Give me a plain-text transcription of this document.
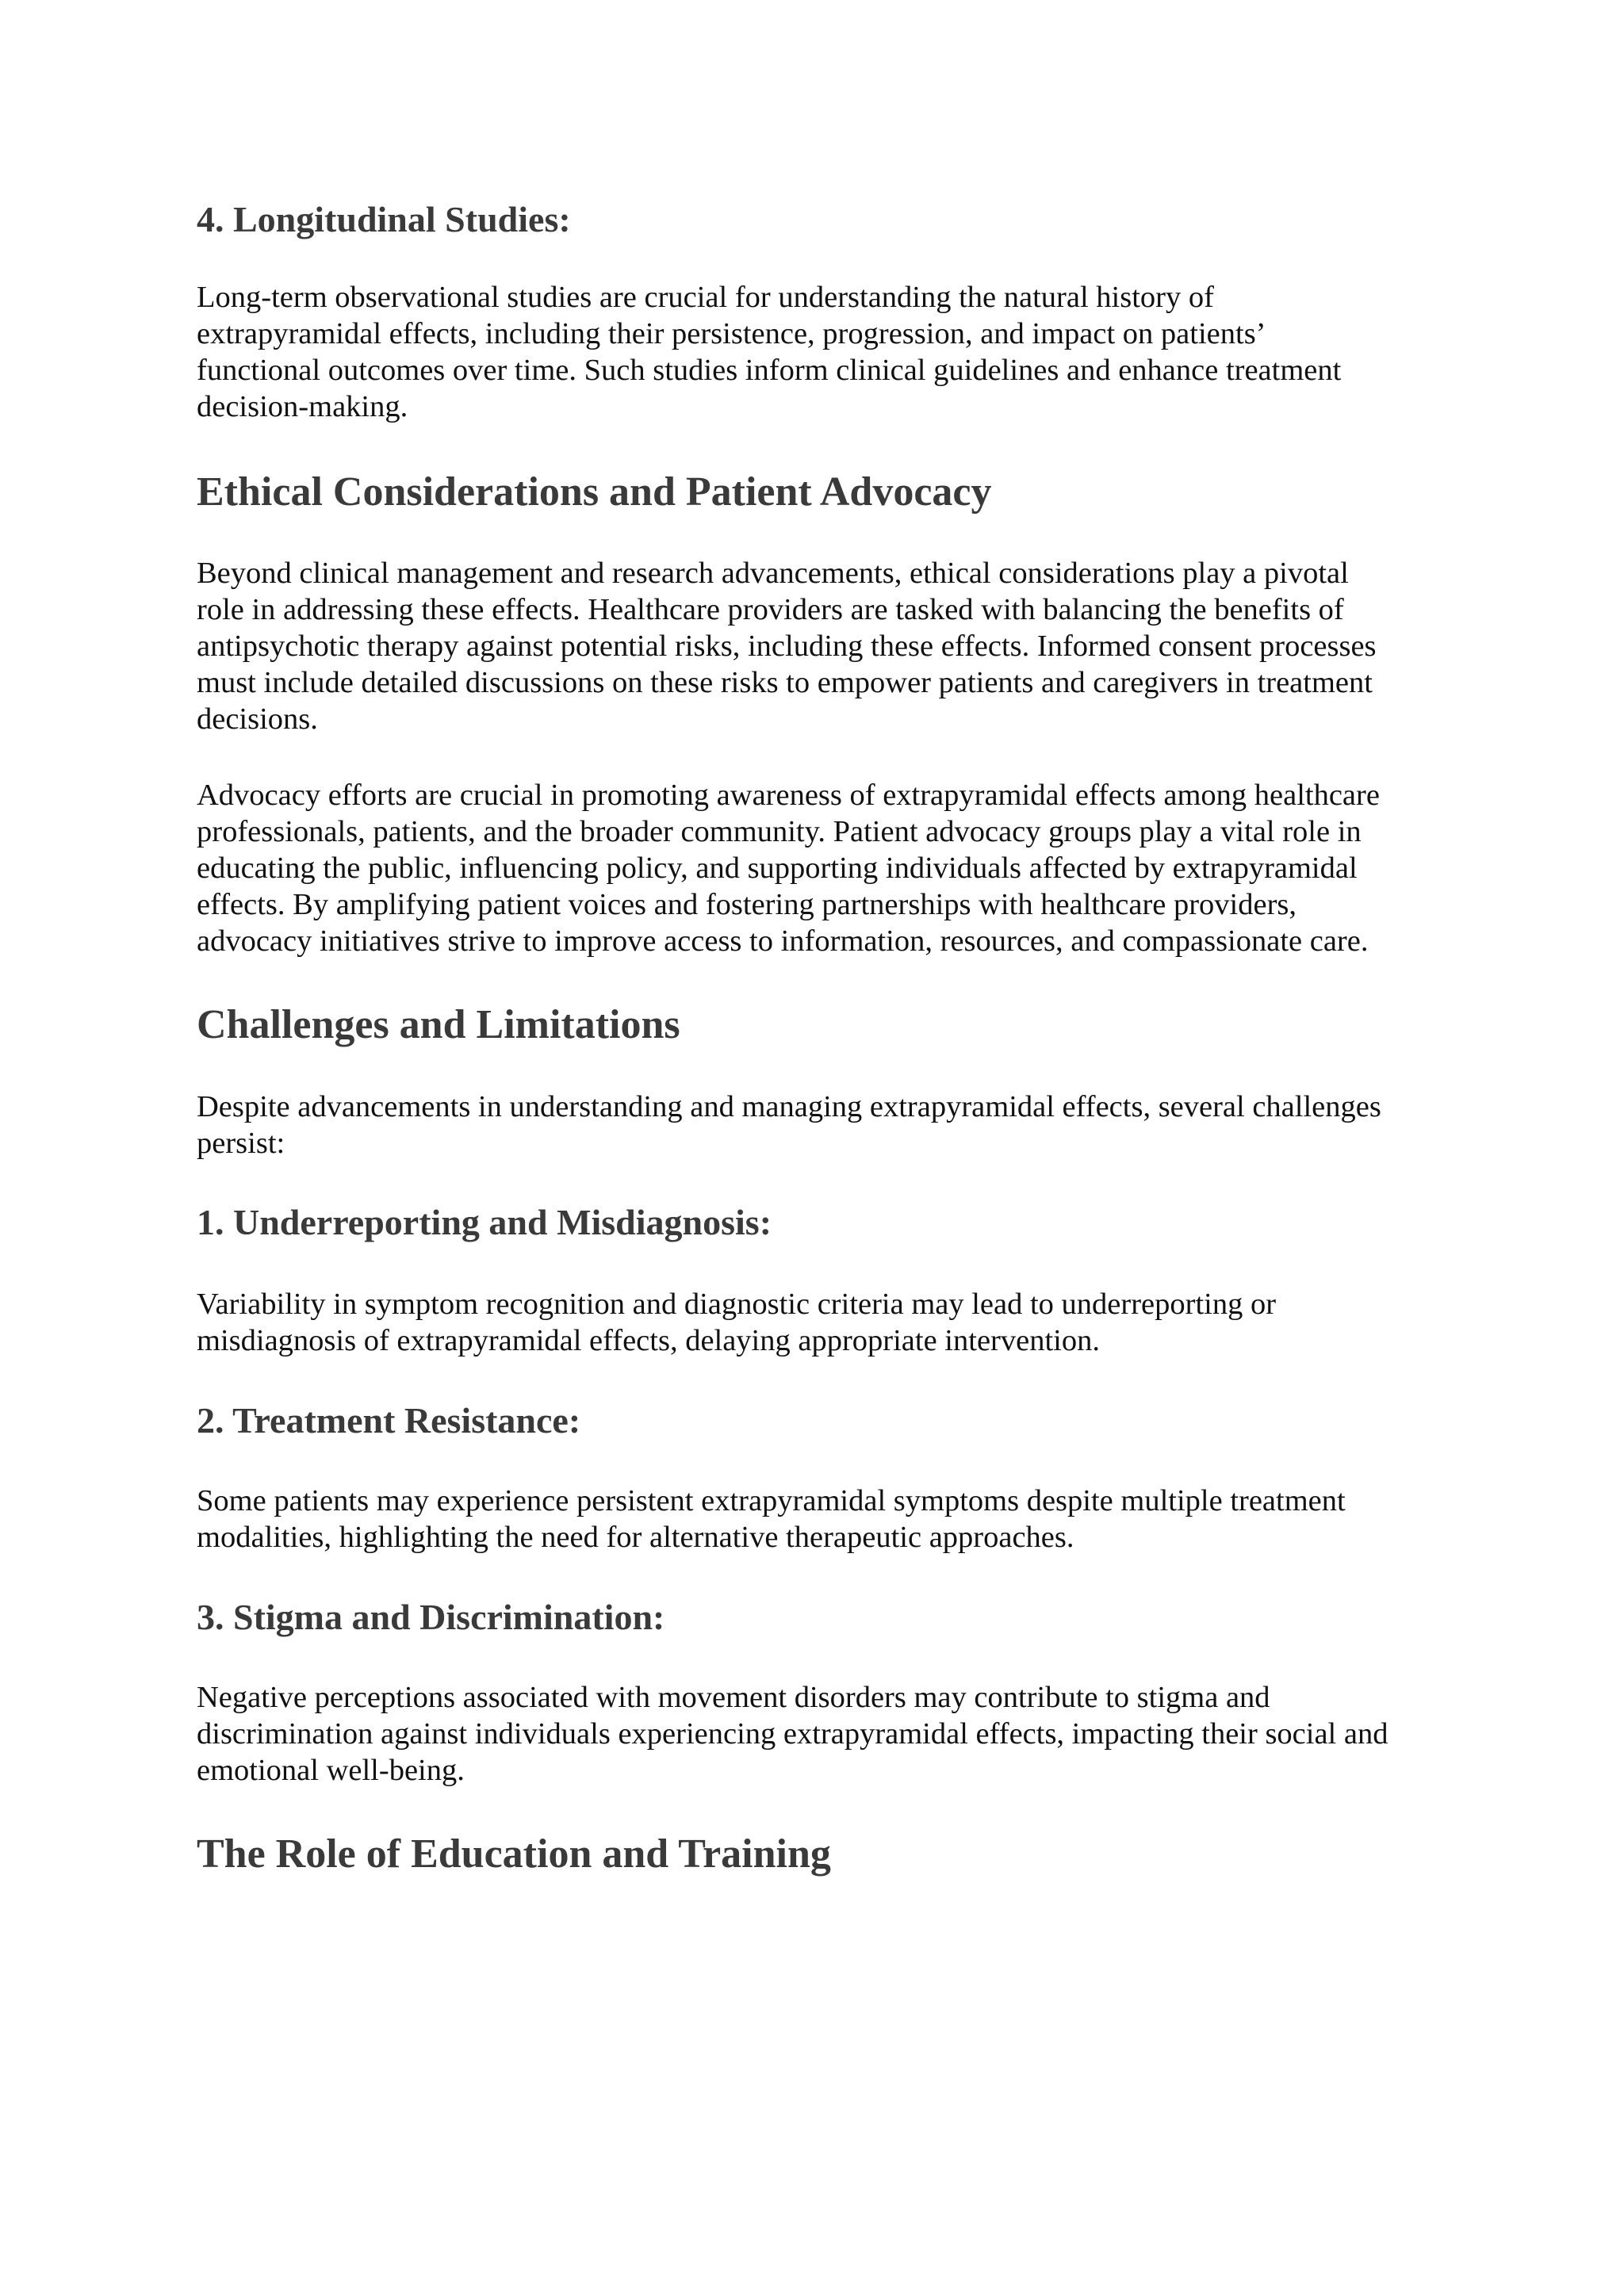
4. Longitudinal Studies:

Long-term observational studies are crucial for understanding the natural history of
extrapyramidal effects, including their persistence, progression, and impact on patients’
functional outcomes over time. Such studies inform clinical guidelines and enhance treatment
decision-making.

Ethical Considerations and Patient Advocacy

Beyond clinical management and research advancements, ethical considerations play a pivotal
role in addressing these effects. Healthcare providers are tasked with balancing the benefits of
antipsychotic therapy against potential risks, including these effects. Informed consent processes
must include detailed discussions on these risks to empower patients and caregivers in treatment
decisions.

Advocacy efforts are crucial in promoting awareness of extrapyramidal effects among healthcare
professionals, patients, and the broader community. Patient advocacy groups play a vital role in
educating the public, influencing policy, and supporting individuals affected by extrapyramidal
effects. By amplifying patient voices and fostering partnerships with healthcare providers,
advocacy initiatives strive to improve access to information, resources, and compassionate care.

Challenges and Limitations

Despite advancements in understanding and managing extrapyramidal effects, several challenges
persist:

1. Underreporting and Misdiagnosis:

Variability in symptom recognition and diagnostic criteria may lead to underreporting or
misdiagnosis of extrapyramidal effects, delaying appropriate intervention.

2. Treatment Resistance:

Some patients may experience persistent extrapyramidal symptoms despite multiple treatment
modalities, highlighting the need for alternative therapeutic approaches.

3. Stigma and Discrimination:

Negative perceptions associated with movement disorders may contribute to stigma and
discrimination against individuals experiencing extrapyramidal effects, impacting their social and
emotional well-being.

The Role of Education and Training
